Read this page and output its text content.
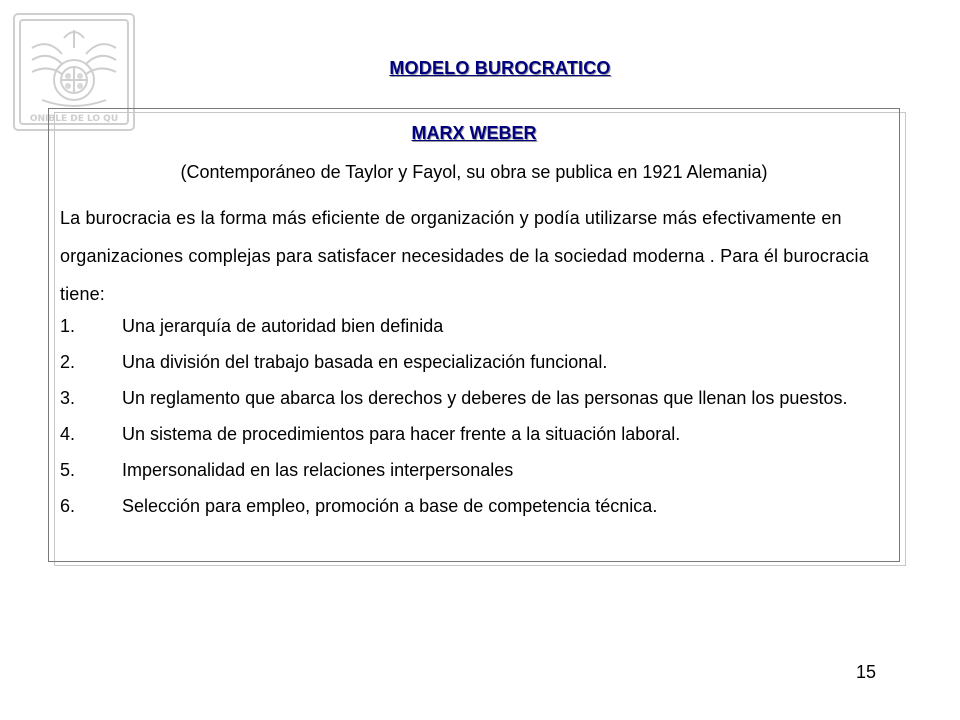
ONIBLE DE LO QU
MODELO BUROCRATICO
MARX WEBER
(Contemporáneo de Taylor y Fayol, su obra se publica en 1921 Alemania)
La burocracia es la forma más eficiente de organización y podía utilizarse más efectivamente en organizaciones complejas para satisfacer necesidades de la sociedad moderna . Para él burocracia tiene:
1.	Una jerarquía de autoridad bien definida
2.	Una división del trabajo basada en especialización funcional.
3.	Un reglamento que abarca los derechos y deberes de las personas que llenan los puestos.
4.	Un sistema de procedimientos para hacer frente a la situación laboral.
5.	Impersonalidad en las relaciones interpersonales
6.	Selección para empleo, promoción a base de competencia técnica.
15
